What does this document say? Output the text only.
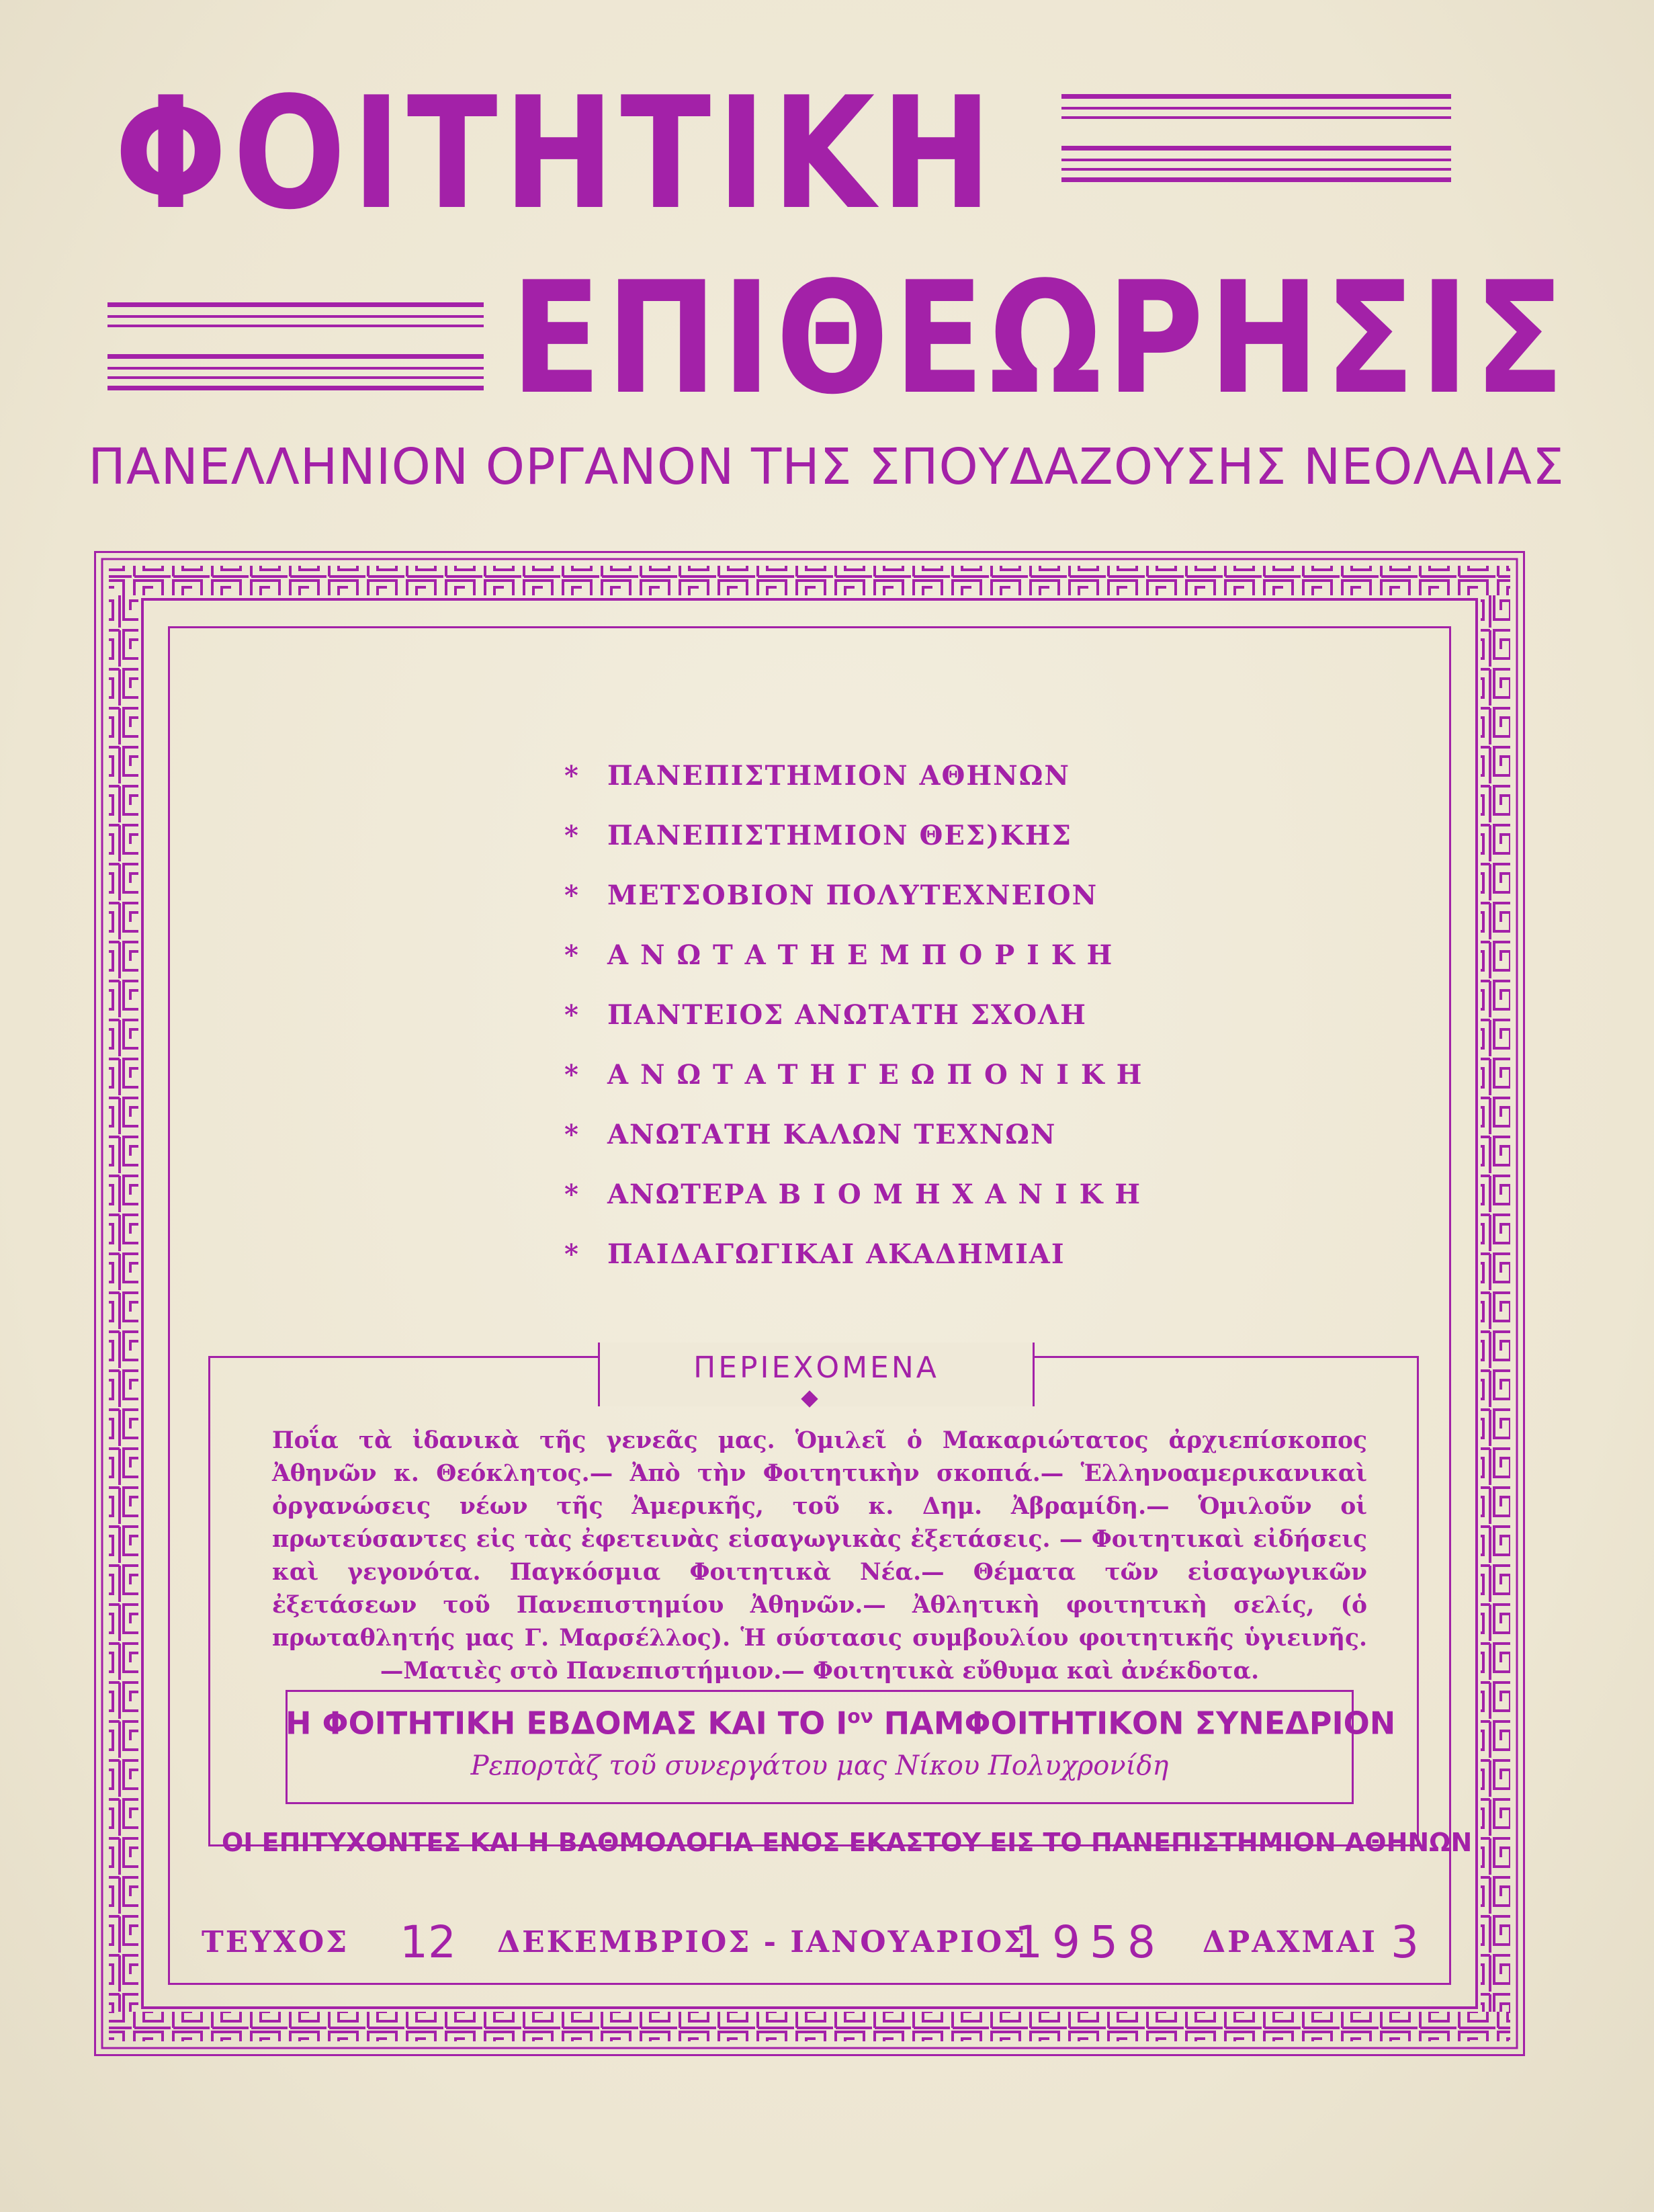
ΦΟΙΤΗΤΙΚΗ
ΕΠΙΘΕΩΡΗΣΙΣ
ΠΑΝΕΛΛΗΝΙΟΝ ΟΡΓΑΝΟΝ ΤΗΣ ΣΠΟΥΔΑΖΟΥΣΗΣ ΝΕΟΛΑΙΑΣ
* ΠΑΝΕΠΙΣΤΗΜΙΟΝ ΑΘΗΝΩΝ
* ΠΑΝΕΠΙΣΤΗΜΙΟΝ ΘΕΣ)ΚΗΣ
* ΜΕΤΣΟΒΙΟΝ ΠΟΛΥΤΕΧΝΕΙΟΝ
* Α Ν Ω Τ Α Τ Η Ε Μ Π Ο Ρ Ι Κ Η
* ΠΑΝΤΕΙΟΣ ΑΝΩΤΑΤΗ ΣΧΟΛΗ
* Α Ν Ω Τ Α Τ Η Γ Ε Ω Π Ο Ν Ι Κ Η
* ΑΝΩΤΑΤΗ ΚΑΛΩΝ ΤΕΧΝΩΝ
* ΑΝΩΤΕΡΑ Β Ι Ο Μ Η Χ Α Ν Ι Κ Η
* ΠΑΙΔΑΓΩΓΙΚΑΙ ΑΚΑΔΗΜΙΑΙ
ΠΕΡΙΕΧΟΜΕΝΑ
Ποΐα τὰ ἰδανικὰ τῆς γενεᾶς μας. Ὁμιλεῖ ὁ Μακαριώτατος ἀρχιεπίσκοπος Ἀθηνῶν κ. Θεόκλητος.— Ἀπὸ τὴν Φοιτητικὴν σκοπιά.— Ἑλληνοαμερικανικαὶ ὀργανώσεις νέων τῆς Ἀμερικῆς, τοῦ κ. Δημ. Ἀβραμίδη.— Ὁμιλοῦν οἱ πρωτεύσαντες εἰς τὰς ἐφετεινὰς εἰσαγωγικὰς ἐξετάσεις. — Φοιτητικαὶ εἰδήσεις καὶ γεγονότα. Παγκόσμια Φοιτητικὰ Νέα.— Θέματα τῶν εἰσαγωγικῶν ἐξετάσεων τοῦ Πανεπιστημίου Ἀθηνῶν.— Ἀθλητικὴ φοιτητικὴ σελίς, (ὁ πρωταθλητής μας Γ. Μαρσέλλος). Ἡ σύστασις συμβουλίου φοιτητικῆς ὑγιεινῆς.—Ματιὲς στὸ Πανεπιστήμιον.— Φοιτητικὰ εὔθυμα καὶ ἀνέκδοτα.
Η ΦΟΙΤΗΤΙΚΗ ΕΒΔΟΜΑΣ ΚΑΙ ΤΟ $I^{o\nu}$ ΠΑΜΦΟΙΤΗΤΙΚΟΝ ΣΥΝΕΔΡΙΟΝ
Ρεπορτὰζ τοῦ συνεργάτου μας Νίκου Πολυχρονίδη
ΟΙ ΕΠΙΤΥΧΟΝΤΕΣ ΚΑΙ Η ΒΑΘΜΟΛΟΓΙΑ ΕΝΟΣ ΕΚΑΣΤΟΥ ΕΙΣ ΤΟ ΠΑΝΕΠΙΣΤΗΜΙΟΝ ΑΘΗΝΩΝ
ΤΕΥΧΟΣ 12 ΔΕΚΕΜΒΡΙΟΣ - ΙΑΝΟΥΑΡΙΟΣ
1958 ΔΡΑΧΜΑΙ 3
